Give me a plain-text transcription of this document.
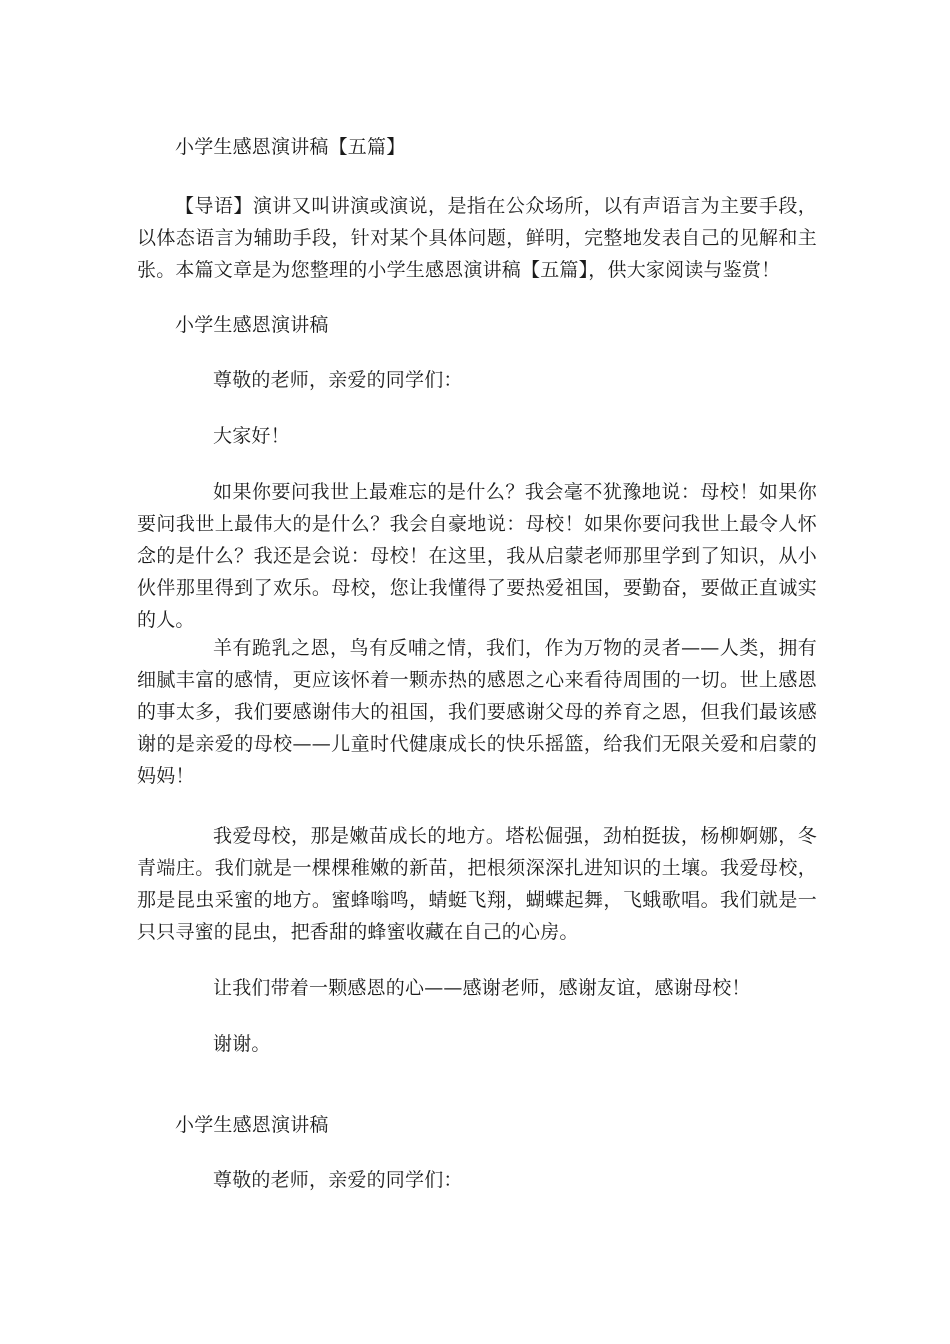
小学生感恩演讲稿【五篇】

【导语】演讲又叫讲演或演说，是指在公众场所，以有声语言为主要手段，以体态语言为辅助手段，针对某个具体问题，鲜明，完整地发表自己的见解和主张。本篇文章是为您整理的小学生感恩演讲稿【五篇】，供大家阅读与鉴赏！

小学生感恩演讲稿
尊敬的老师，亲爱的同学们：
大家好！

如果你要问我世上最难忘的是什么？我会毫不犹豫地说：母校！如果你要问我世上最伟大的是什么？我会自豪地说：母校！如果你要问我世上最令人怀念的是什么？我还是会说：母校！在这里，我从启蒙老师那里学到了知识，从小伙伴那里得到了欢乐。母校，您让我懂得了要热爱祖国，要勤奋，要做正直诚实的人。

羊有跪乳之恩，鸟有反哺之情，我们，作为万物的灵者——人类，拥有细腻丰富的感情，更应该怀着一颗赤热的感恩之心来看待周围的一切。世上感恩的事太多，我们要感谢伟大的祖国，我们要感谢父母的养育之恩，但我们最该感谢的是亲爱的母校——儿童时代健康成长的快乐摇篮，给我们无限关爱和启蒙的妈妈！

我爱母校，那是嫩苗成长的地方。塔松倔强，劲柏挺拔，杨柳婀娜，冬青端庄。我们就是一棵棵稚嫩的新苗，把根须深深扎进知识的土壤。我爱母校，那是昆虫采蜜的地方。蜜蜂嗡鸣，蜻蜓飞翔，蝴蝶起舞，飞蛾歌唱。我们就是一只只寻蜜的昆虫，把香甜的蜂蜜收藏在自己的心房。

让我们带着一颗感恩的心——感谢老师，感谢友谊，感谢母校！
谢谢。
小学生感恩演讲稿
尊敬的老师，亲爱的同学们：
